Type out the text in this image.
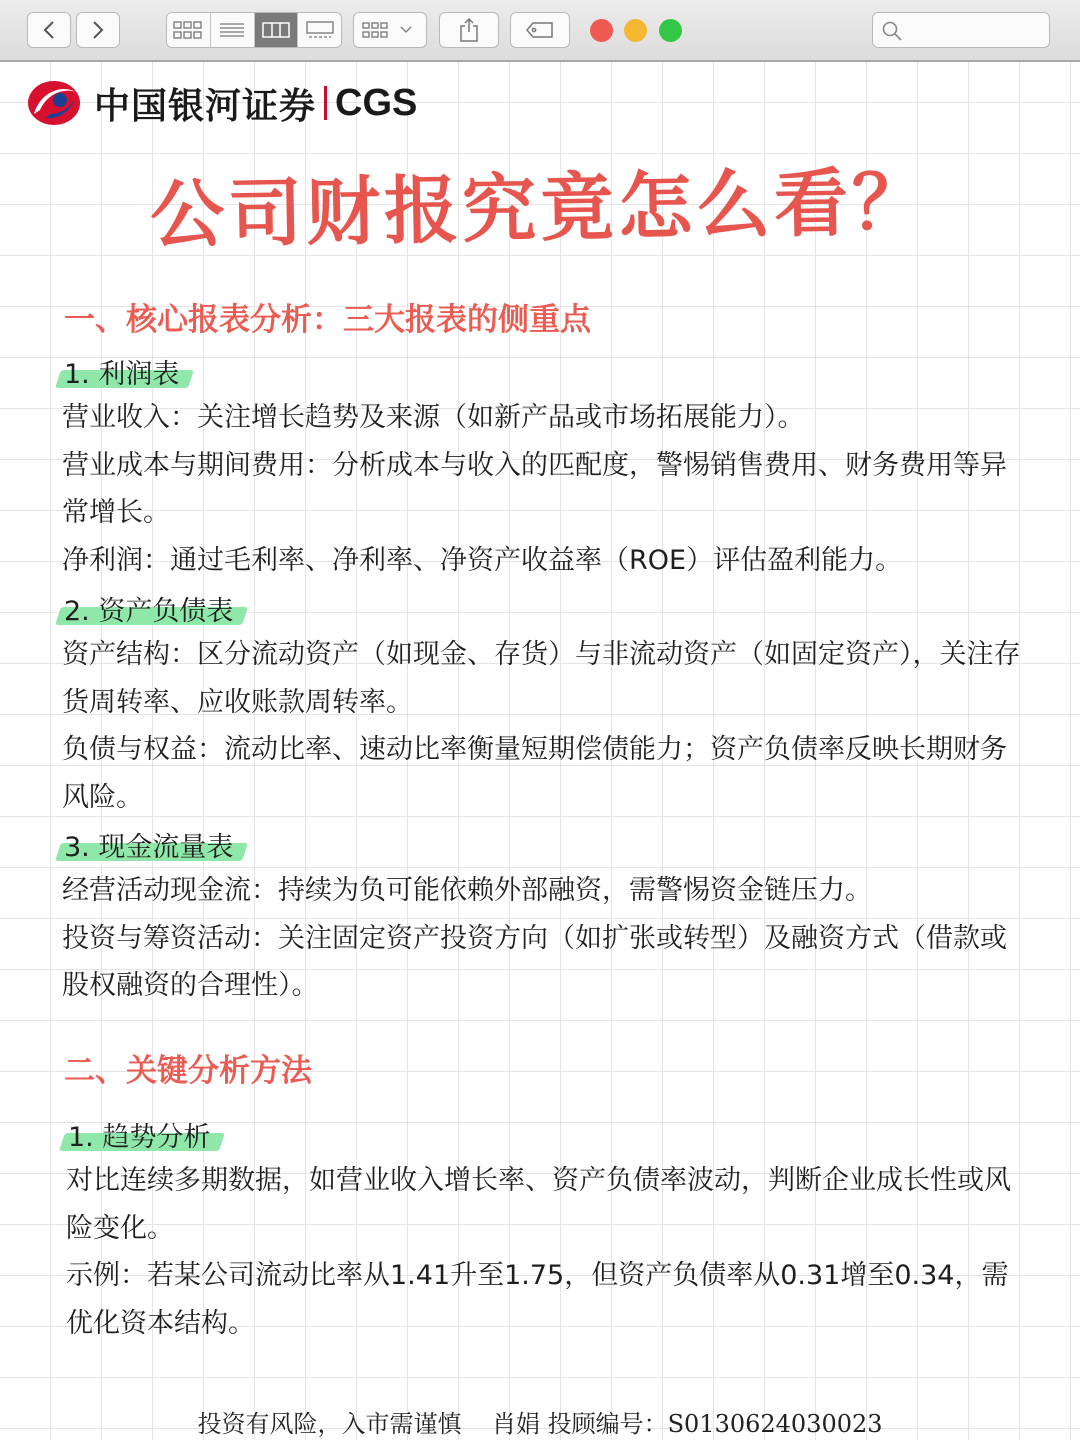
中国银河证券 CGS
公司财报究竟怎么看？
一、核心报表分析：三大报表的侧重点
1. 利润表

营业收入：关注增长趋势及来源（如新产品或市场拓展能力）。
营业成本与期间费用：分析成本与收入的匹配度，警惕销售费用、财务费用等异常增长。
净利润：通过毛利率、净利率、净资产收益率（ROE）评估盈利能力。

2. 资产负债表

资产结构：区分流动资产（如现金、存货）与非流动资产（如固定资产），关注存货周转率、应收账款周转率。
负债与权益：流动比率、速动比率衡量短期偿债能力；资产负债率反映长期财务风险。

3. 现金流量表

经营活动现金流：持续为负可能依赖外部融资，需警惕资金链压力。
投资与筹资活动：关注固定资产投资方向（如扩张或转型）及融资方式（借款或股权融资的合理性）。

二、关键分析方法
1. 趋势分析

对比连续多期数据，如营业收入增长率、资产负债率波动，判断企业成长性或风险变化。
示例：若某公司流动比率从1.41升至1.75，但资产负债率从0.31增至0.34，需优化资本结构。

投资有风险，入市需谨慎 肖娟 投顾编号：S0130624030023
